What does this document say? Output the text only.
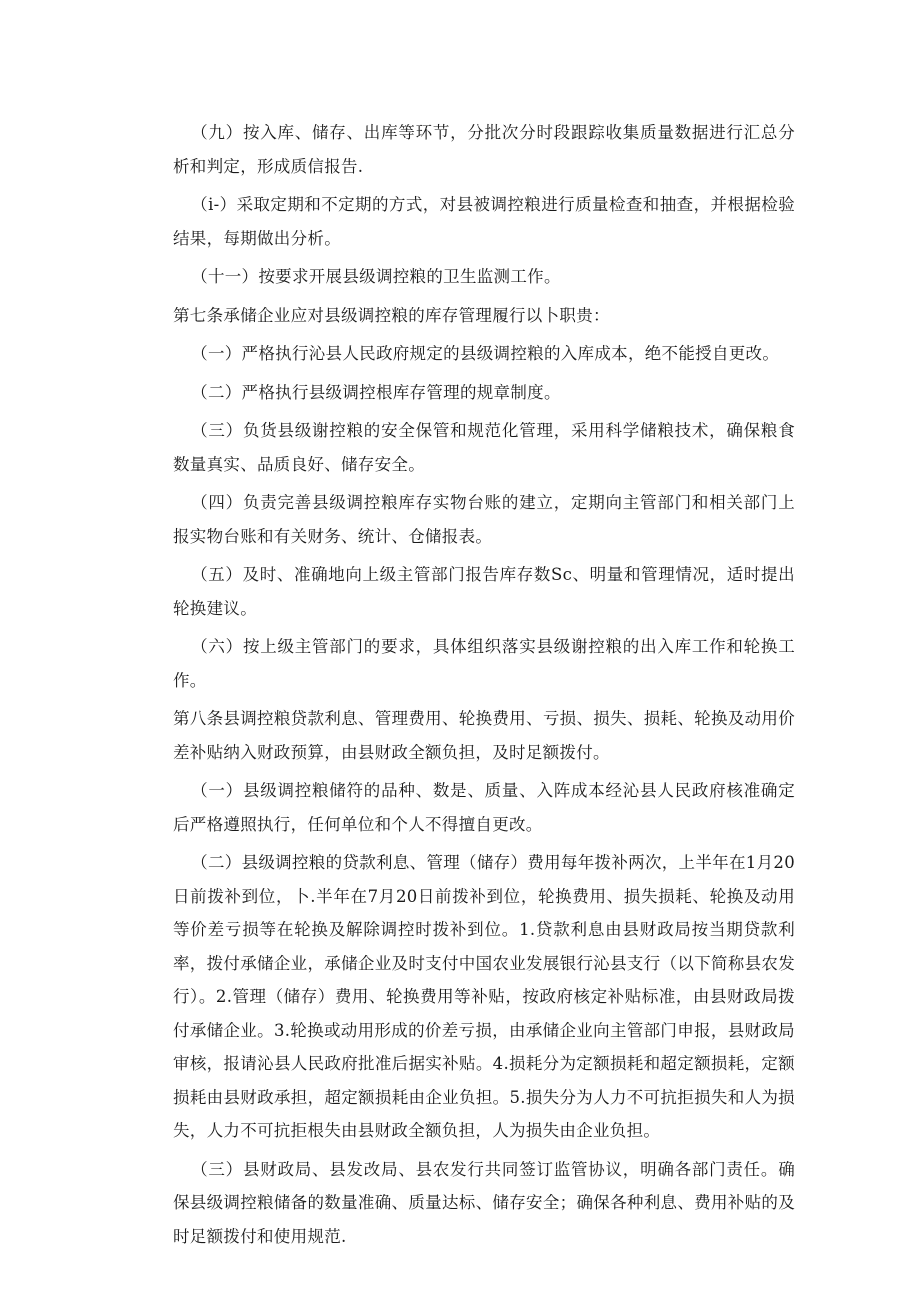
（九）按入库、储存、出库等环节，分批次分时段跟踪收集质量数据进行汇总分析和判定，形成质信报告.

（i-）采取定期和不定期的方式，对县被调控粮进行质量检查和抽查，并根据检验结果，每期做出分析。

（十一）按要求开展县级调控粮的卫生监测工作。

第七条承储企业应对县级调控粮的库存管理履行以卜职贵：

（一）严格执行沁县人民政府规定的县级调控粮的入库成本，绝不能授自更改。

（二）严格执行县级调控根库存管理的规章制度。

（三）负货县级谢控粮的安全保管和规范化管理，采用科学储粮技术，确保粮食数量真实、品质良好、储存安全。

（四）负责完善县级调控粮库存实物台账的建立，定期向主管部门和相关部门上报实物台账和有关财务、统计、仓储报表。

（五）及时、准确地向上级主管部门报告库存数Sc、明量和管理情况，适时提出轮换建议。

（六）按上级主管部门的要求，具体组织落实县级谢控粮的出入库工作和轮换工作。

第八条县调控粮贷款利息、管理费用、轮换费用、亏损、损失、损耗、轮换及动用价差补贴纳入财政预算，由县财政全额负担，及时足额拨付。

（一）县级调控粮储符的品种、数是、质量、入阵成本经沁县人民政府核准确定后严格遵照执行，任何单位和个人不得擅自更改。

（二）县级调控粮的贷款利息、管理（储存）费用每年拨补两次，上半年在1月20日前拨补到位，卜.半年在7月20日前拨补到位，轮换费用、损失损耗、轮换及动用等价差亏损等在轮换及解除调控时拨补到位。1.贷款利息由县财政局按当期贷款利率，拨付承储企业，承储企业及时支付中国农业发展银行沁县支行（以下简称县农发行）。2.管理（储存）费用、轮换费用等补贴，按政府核定补贴标准，由县财政局拨付承储企业。3.轮换或动用形成的价差亏损，由承储企业向主管部门申报，县财政局审核，报请沁县人民政府批准后据实补贴。4.损耗分为定额损耗和超定额损耗，定额损耗由县财政承担，超定额损耗由企业负担。5.损失分为人力不可抗拒损失和人为损失，人力不可抗拒根失由县财政全额负担，人为损失由企业负担。

（三）县财政局、县发改局、县农发行共同签订监管协议，明确各部门责任。确保县级调控粮储备的数量准确、质量达标、储存安全；确保各种利息、费用补贴的及时足额拨付和使用规范.
